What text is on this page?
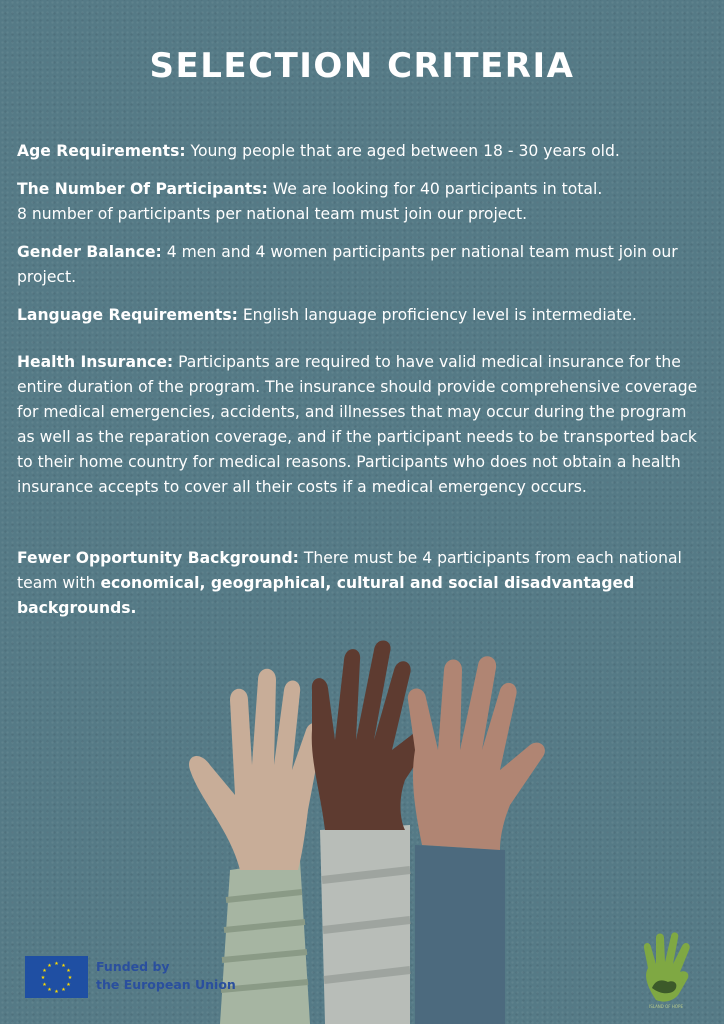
SELECTION CRITERIA

Age Requirements: Young people that are aged between 18 - 30 years old.

The Number Of Participants: We are looking for 40 participants in total.
8 number of participants per national team must join our project.

Gender Balance: 4 men and 4 women participants per national team must join our project.

Language Requirements: English language proficiency level is intermediate.

Health Insurance: Participants are required to have valid medical insurance for the entire duration of the program. The insurance should provide comprehensive coverage for medical emergencies, accidents, and illnesses that may occur during the program as well as the reparation coverage, and if the participant needs to be transported back to their home country for medical reasons. Participants who does not obtain a health insurance accepts to cover all their costs if a medical emergency occurs.

Fewer Opportunity Background: There must be 4 participants from each national team with economical, geographical, cultural and social disadvantaged backgrounds.

★ ★
★
★
★
★
★
★
★
★
★
★	Funded by
the European Union
ISLAND OF HOPE
